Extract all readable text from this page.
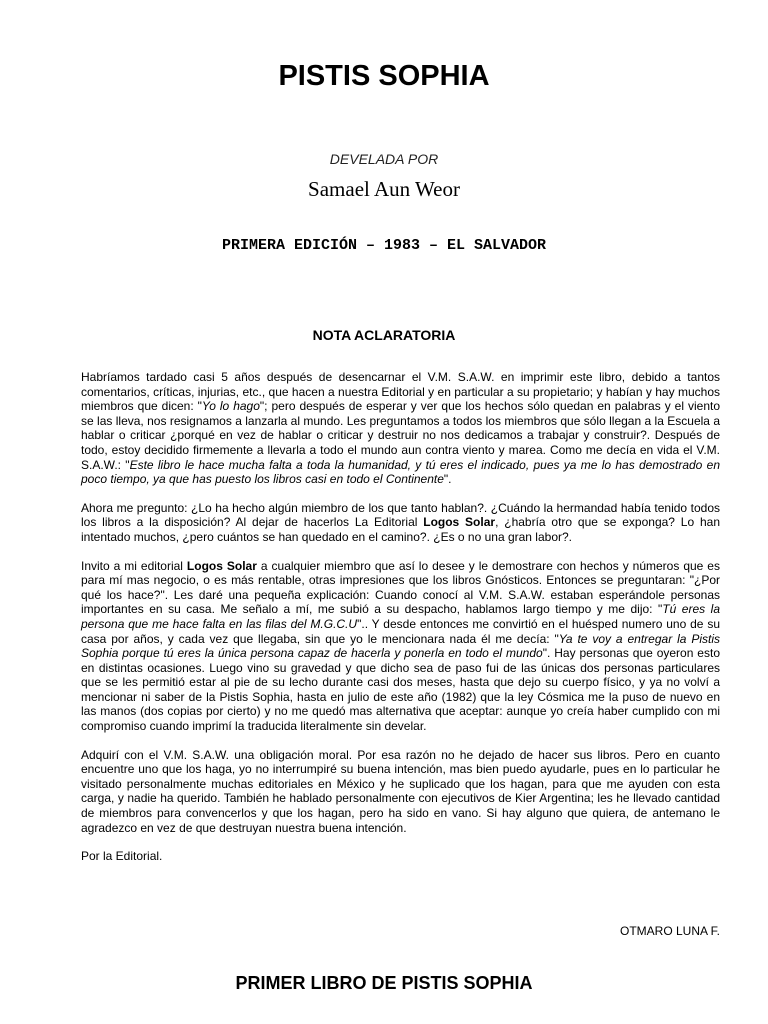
PISTIS SOPHIA
DEVELADA POR
Samael Aun Weor
PRIMERA EDICIÓN – 1983 – EL SALVADOR
NOTA ACLARATORIA

Habríamos tardado casi 5 años después de desencarnar el V.M. S.A.W. en imprimir este libro, debido a tantos comentarios, críticas, injurias, etc., que hacen a nuestra Editorial y en particular a su propietario; y habían y hay muchos miembros que dicen: "Yo lo hago"; pero después de esperar y ver que los hechos sólo quedan en palabras y el viento se las lleva, nos resignamos a lanzarla al mundo. Les preguntamos a todos los miembros que sólo llegan a la Escuela a hablar o criticar ¿porqué en vez de hablar o criticar y destruir no nos dedicamos a trabajar y construir?. Después de todo, estoy decidido firmemente a llevarla a todo el mundo aun contra viento y marea. Como me decía en vida el V.M. S.A.W.: "Este libro le hace mucha falta a toda la humanidad, y tú eres el indicado, pues ya me lo has demostrado en poco tiempo, ya que has puesto los libros casi en todo el Continente".

Ahora me pregunto: ¿Lo ha hecho algún miembro de los que tanto hablan?. ¿Cuándo la hermandad había tenido todos los libros a la disposición? Al dejar de hacerlos La Editorial Logos Solar, ¿habría otro que se exponga? Lo han intentado muchos, ¿pero cuántos se han quedado en el camino?. ¿Es o no una gran labor?.

Invito a mi editorial Logos Solar a cualquier miembro que así lo desee y le demostrare con hechos y números que es para mí mas negocio, o es más rentable, otras impresiones que los libros Gnósticos. Entonces se preguntaran: "¿Por qué los hace?". Les daré una pequeña explicación: Cuando conocí al V.M. S.A.W. estaban esperándole personas importantes en su casa. Me señalo a mí, me subió a su despacho, hablamos largo tiempo y me dijo: "Tú eres la persona que me hace falta en las filas del M.G.C.U".. Y desde entonces me convirtió en el huésped numero uno de su casa por años, y cada vez que llegaba, sin que yo le mencionara nada él me decía: "Ya te voy a entregar la Pistis Sophia porque tú eres la única persona capaz de hacerla y ponerla en todo el mundo". Hay personas que oyeron esto en distintas ocasiones. Luego vino su gravedad y que dicho sea de paso fui de las únicas dos personas particulares que se les permitió estar al pie de su lecho durante casi dos meses, hasta que dejo su cuerpo físico, y ya no volví a mencionar ni saber de la Pistis Sophia, hasta en julio de este año (1982) que la ley Cósmica me la puso de nuevo en las manos (dos copias por cierto) y no me quedó mas alternativa que aceptar: aunque yo creía haber cumplido con mi compromiso cuando imprimí la traducida literalmente sin develar.

Adquirí con el V.M. S.A.W. una obligación moral. Por esa razón no he dejado de hacer sus libros. Pero en cuanto encuentre uno que los haga, yo no interrumpiré su buena intención, mas bien puedo ayudarle, pues en lo particular he visitado personalmente muchas editoriales en México y he suplicado que los hagan, para que me ayuden con esta carga, y nadie ha querido. También he hablado personalmente con ejecutivos de Kier Argentina; les he llevado cantidad de miembros para convencerlos y que los hagan, pero ha sido en vano. Si hay alguno que quiera, de antemano le agradezco en vez de que destruyan nuestra buena intención.

Por la Editorial.

OTMARO LUNA F.
PRIMER LIBRO DE PISTIS SOPHIA
